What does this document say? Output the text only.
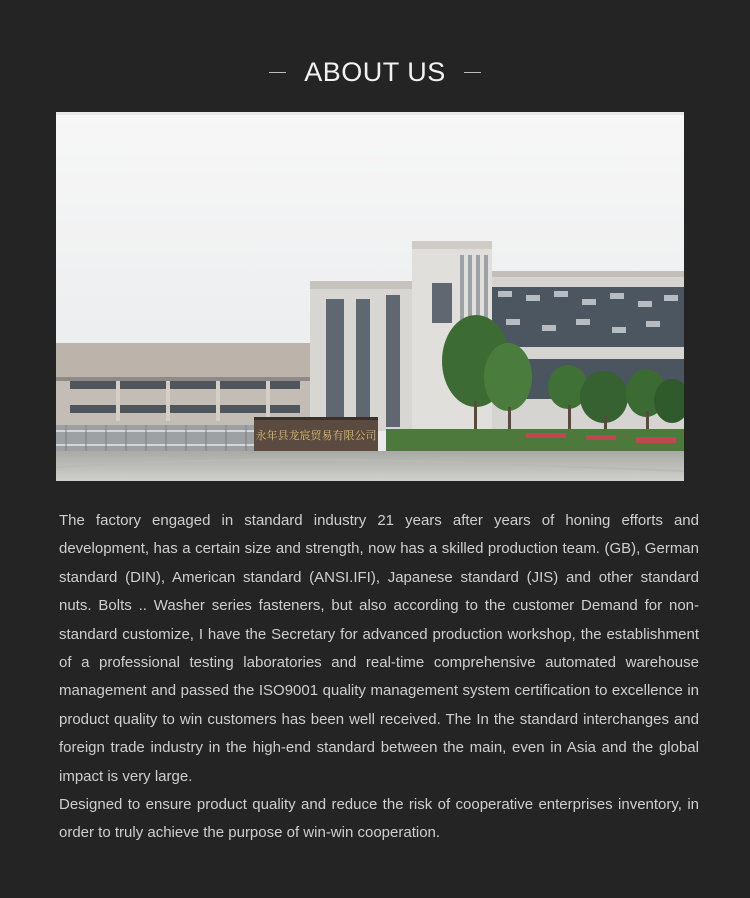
ABOUT US
永年县龙宸贸易有限公司

The factory engaged in standard industry 21 years after years of honing efforts and development, has a certain size and strength, now has a skilled production team. (GB), German standard (DIN), American standard (ANSI.IFI), Japanese standard (JIS) and other standard nuts. Bolts .. Washer series fasteners, but also according to the customer Demand for non-standard customize, I have the Secretary for advanced production workshop, the establishment of a professional testing laboratories and real-time comprehensive automated warehouse management and passed the ISO9001 quality management system certification to excellence in product quality to win customers has been well received. The In the standard interchanges and foreign trade industry in the high-end standard between the main, even in Asia and the global impact is very large.

Designed to ensure product quality and reduce the risk of cooperative enterprises inventory, in order to truly achieve the purpose of win-win cooperation.
